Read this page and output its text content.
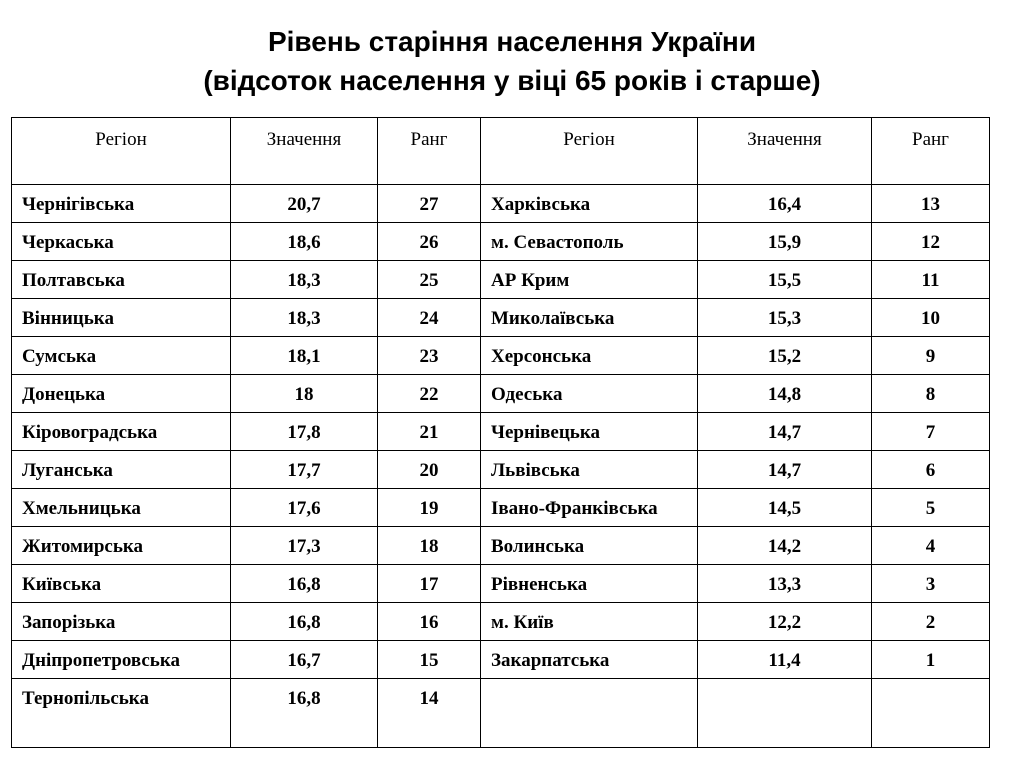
Рівень старіння населення України
(відсоток населення у віці 65 років і старше)
Регіон	Значення	Ранг	Регіон	Значення	Ранг
Чернігівська	20,7	27	Харківська	16,4	13
Черкаська	18,6	26	м. Севастополь	15,9	12
Полтавська	18,3	25	АР Крим	15,5	11
Вінницька	18,3	24	Миколаївська	15,3	10
Сумська	18,1	23	Херсонська	15,2	9
Донецька	18	22	Одеська	14,8	8
Кіровоградська	17,8	21	Чернівецька	14,7	7
Луганська	17,7	20	Львівська	14,7	6
Хмельницька	17,6	19	Івано-Франківська	14,5	5
Житомирська	17,3	18	Волинська	14,2	4
Київська	16,8	17	Рівненська	13,3	3
Запорізька	16,8	16	м. Київ	12,2	2
Дніпропетровська	16,7	15	Закарпатська	11,4	1
Тернопільська	16,8	14			
